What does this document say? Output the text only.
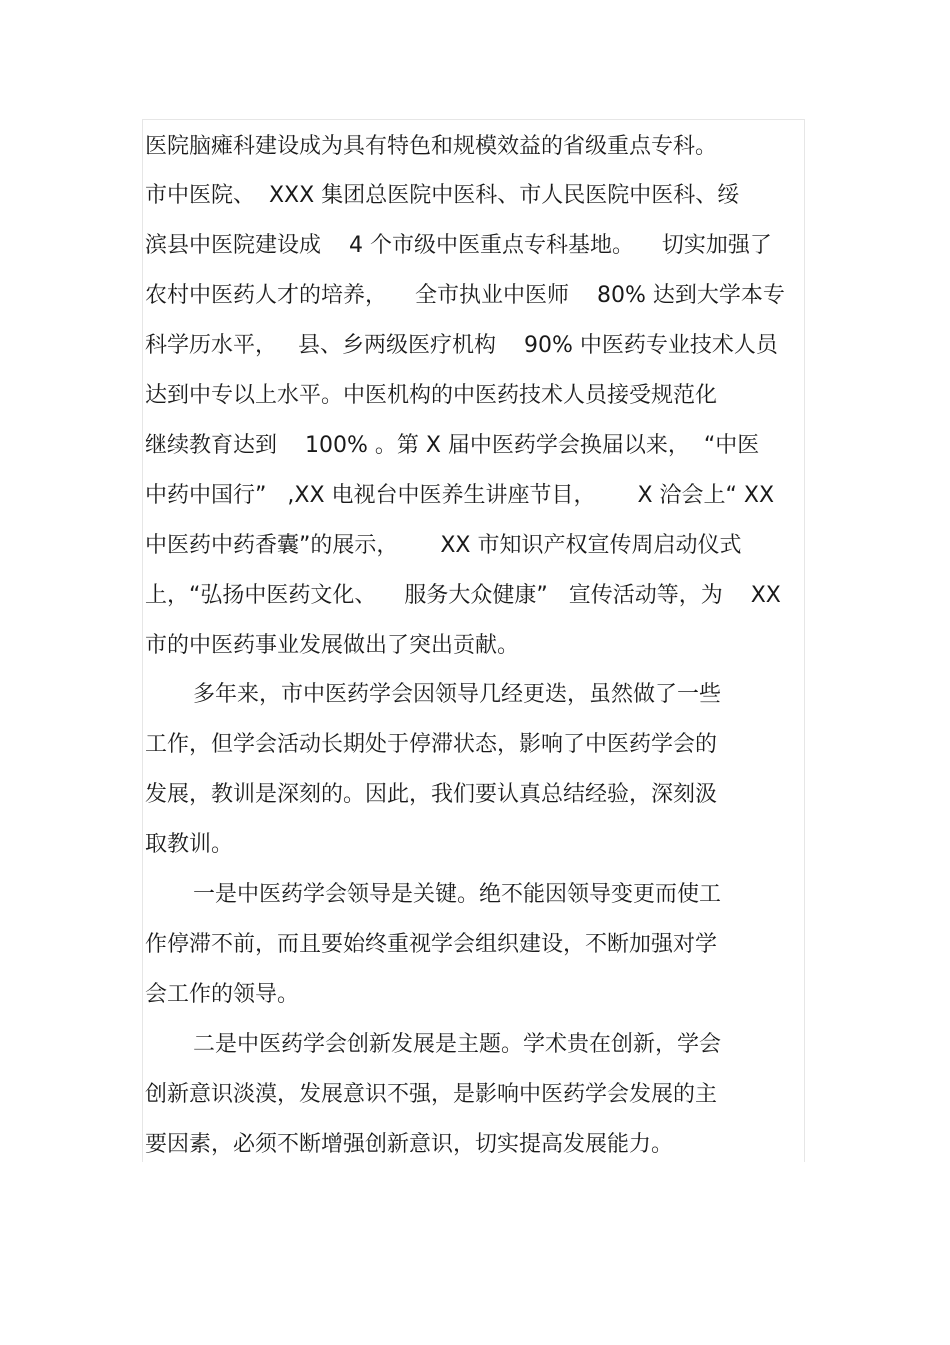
医院脑瘫科建设成为具有特色和规模效益的省级重点专科。
市中医院、  XXX 集团总医院中医科、市人民医院中医科、绥
滨县中医院建设成    4 个市级中医重点专科基地。    切实加强了
农村中医药人才的培养，    全市执业中医师    80% 达到大学本专
科学历水平，   县、乡两级医疗机构    90% 中医药专业技术人员
达到中专以上水平。中医机构的中医药技术人员接受规范化
继续教育达到    100% 。第 X 届中医药学会换届以来，  “中医
中药中国行”   ,XX 电视台中医养生讲座节目，      X 洽会上“ XX
中医药中药香囊”的展示，      XX 市知识产权宣传周启动仪式
上，“弘扬中医药文化、    服务大众健康”   宣传活动等，为    XX
市的中医药事业发展做出了突出贡献。
多年来，市中医药学会因领导几经更迭，虽然做了一些
工作，但学会活动长期处于停滞状态，影响了中医药学会的
发展，教训是深刻的。因此，我们要认真总结经验，深刻汲
取教训。
一是中医药学会领导是关键。绝不能因领导变更而使工
作停滞不前，而且要始终重视学会组织建设，不断加强对学
会工作的领导。
二是中医药学会创新发展是主题。学术贵在创新，学会
创新意识淡漠，发展意识不强，是影响中医药学会发展的主
要因素，必须不断增强创新意识，切实提高发展能力。
